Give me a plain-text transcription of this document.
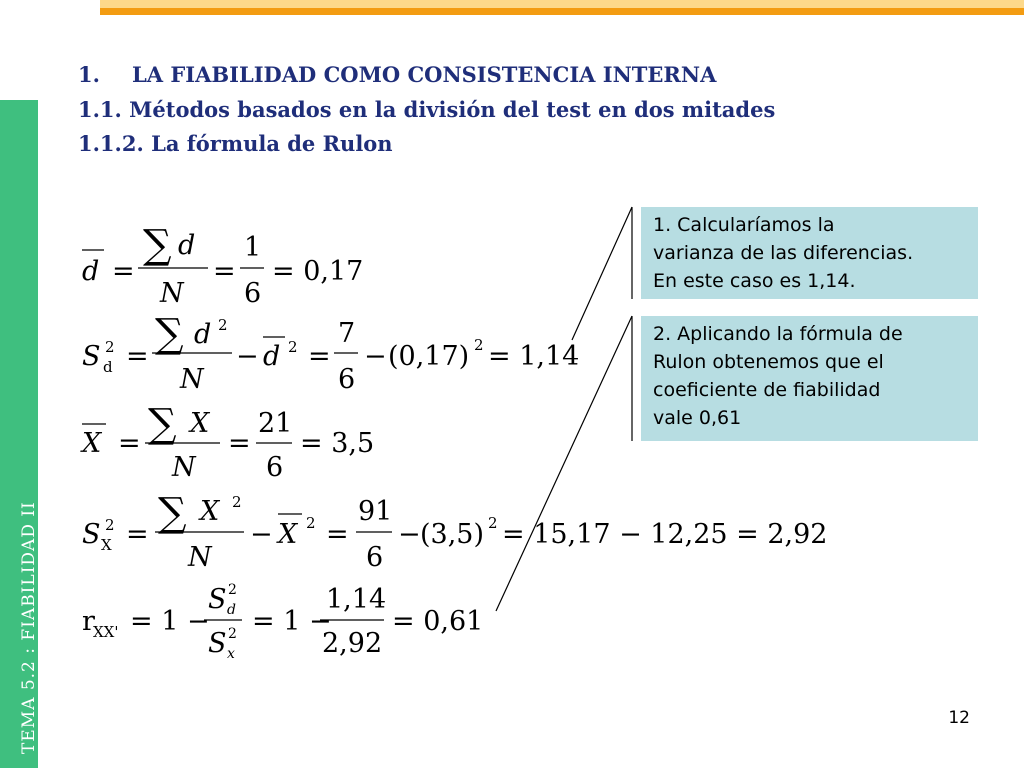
TEMA 5.2 : FIABILIDAD II
1. LA FIABILIDAD COMO CONSISTENCIA INTERNA
1.1. Métodos basados en la división del test en dos mitades
1.1.2. La fórmula de Rulon
d =
∑ d
N
=
1
6
= 0,17
S 2
d = ∑ d 2
N
− d 2 =
7
6
− (0,17) 2 = 1,14
X = ∑ X
N
=
21
6
= 3,5
S 2
X = ∑ X 2
N
− X 2 =
91
6
− (3,5) 2 = 15,17 − 12,25 = 2,92
r
XX' = 1 −
S 2
d
S 2
x
= 1 −
1,14
2,92
= 0,61
1. Calcularíamos la
varianza de las diferencias.
En este caso es 1,14.
2. Aplicando la fórmula de
Rulon obtenemos que el
coeficiente de fiabilidad
vale 0,61
12
